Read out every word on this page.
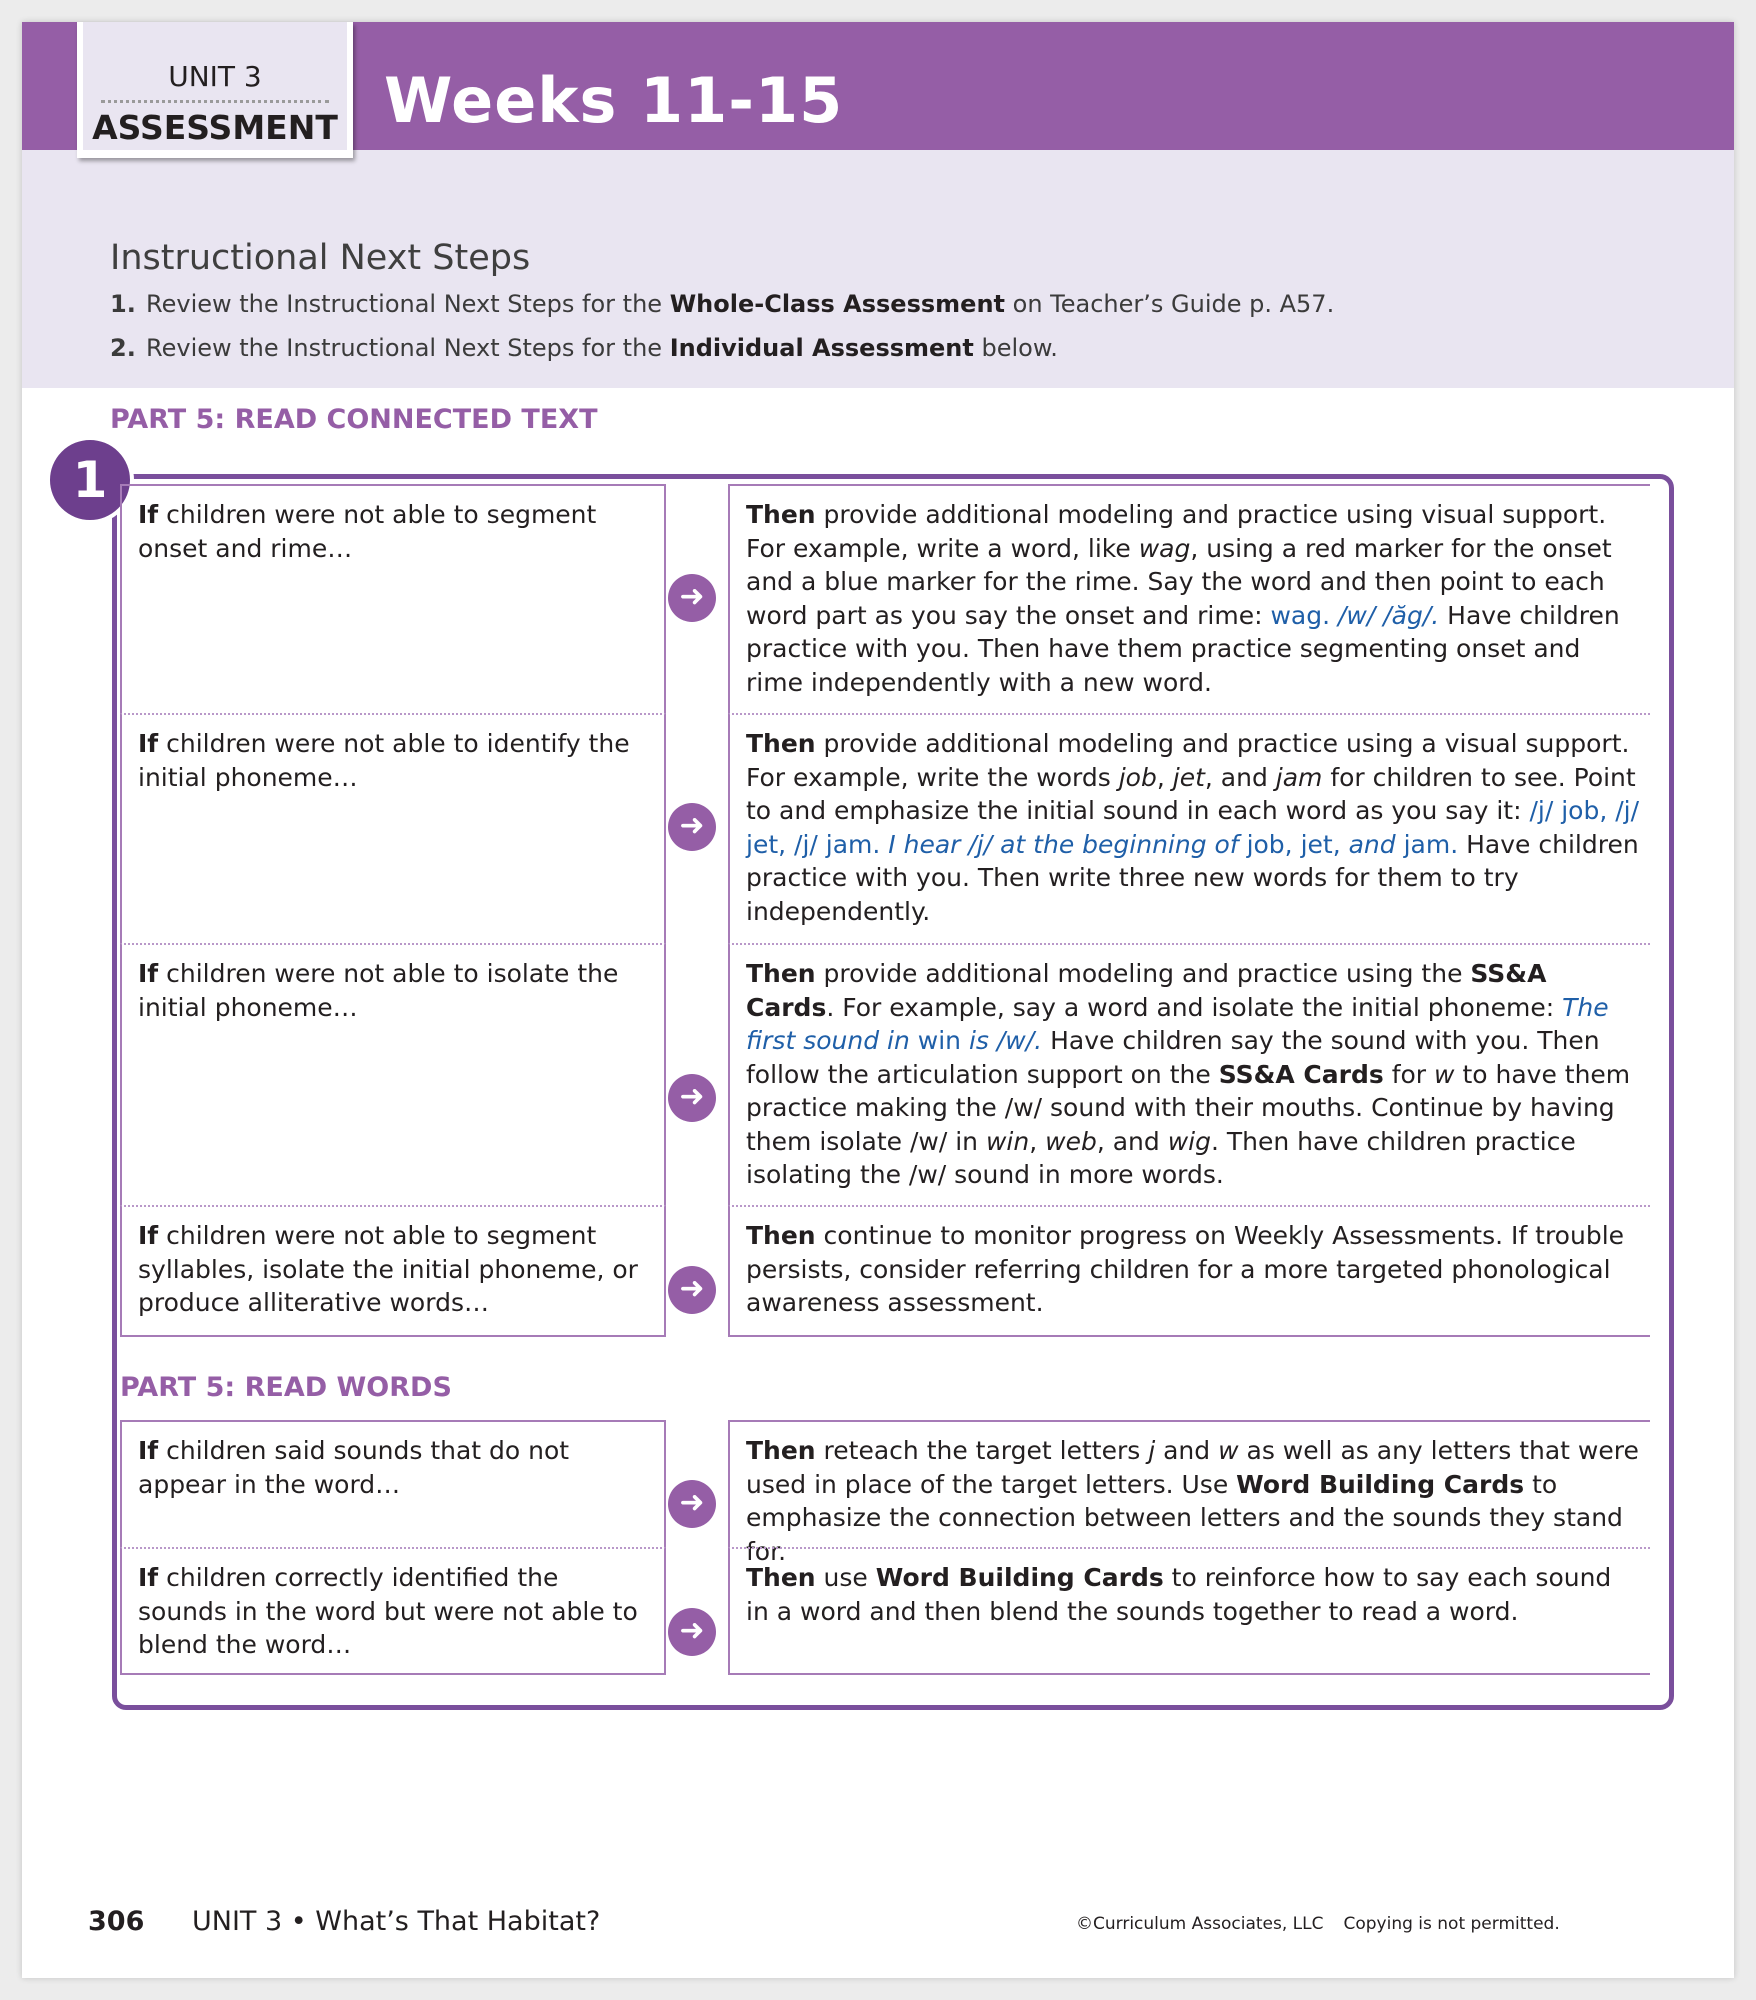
Weeks 11-15
Instructional Next Steps
1. Review the Instructional Next Steps for the Whole-Class Assessment on Teacher’s Guide p. A57.
2. Review the Instructional Next Steps for the Individual Assessment below.
UNIT 3
ASSESSMENT
PART 5: READ CONNECTED TEXT
1
If children were not able to segment onset and rime…
➜
Then provide additional modeling and practice using visual support. For example, write a word, like wag, using a red marker for the onset and a blue marker for the rime. Say the word and then point to each word part as you say the onset and rime: wag. /w/ /ăg/. Have children practice with you. Then have them practice segmenting onset and rime independently with a new word.
If children were not able to identify the initial phoneme…
➜
Then provide additional modeling and practice using a visual support. For example, write the words job, jet, and jam for children to see. Point to and emphasize the initial sound in each word as you say it: /j/ job, /j/ jet, /j/ jam. I hear /j/ at the beginning of job, jet, and jam. Have children practice with you. Then write three new words for them to try independently.
If children were not able to isolate the initial phoneme…
➜
Then provide additional modeling and practice using the SS&A Cards. For example, say a word and isolate the initial phoneme: The first sound in win is /w/. Have children say the sound with you. Then follow the articulation support on the SS&A Cards for w to have them practice making the /w/ sound with their mouths. Continue by having them isolate /w/ in win, web, and wig. Then have children practice isolating the /w/ sound in more words.
If children were not able to segment syllables, isolate the initial phoneme, or produce alliterative words…	➜
Then continue to monitor progress on Weekly Assessments. If trouble persists, consider referring children for a more targeted phonological awareness assessment.
PART 5: READ WORDS
If children said sounds that do not appear in the word…
➜
Then reteach the target letters j and w as well as any letters that were used in place of the target letters. Use Word Building Cards to emphasize the connection between letters and the sounds they stand for.
If children correctly identified the sounds in the word but were not able to blend the word…	➜
Then use Word Building Cards to reinforce how to say each sound in a word and then blend the sounds together to read a word.
306 UNIT 3 • What’s That Habitat?	©Curriculum Associates, LLC Copying is not permitted.
